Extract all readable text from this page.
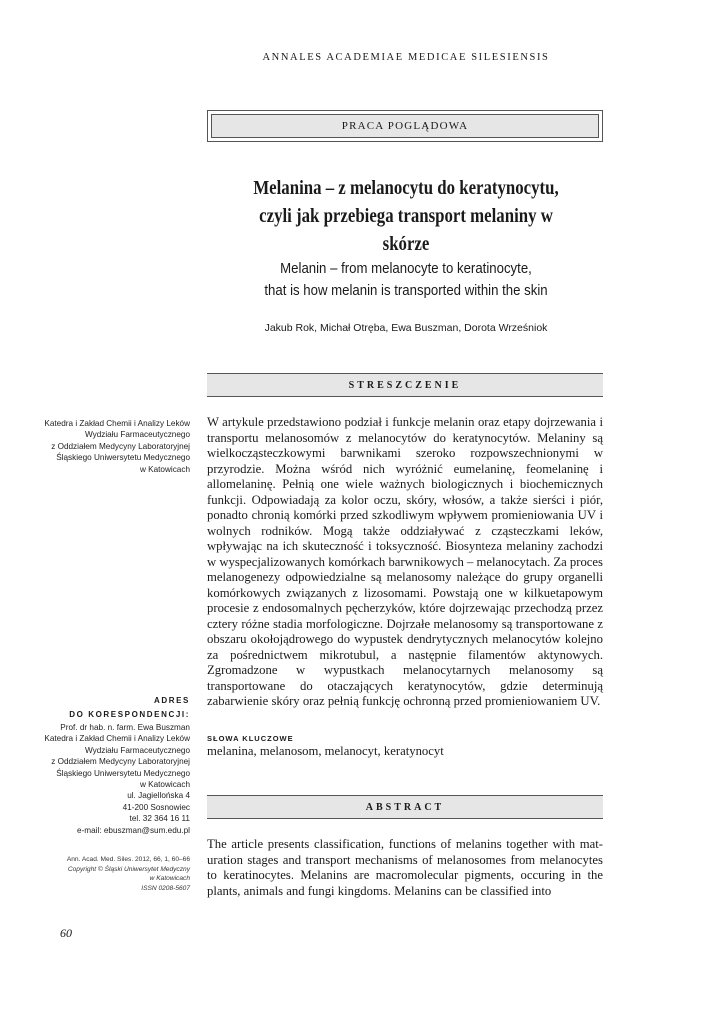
ANNALES ACADEMIAE MEDICAE SILESIENSIS
PRACA POGLĄDOWA
Melanina – z melanocytu do keratynocytu,
czyli jak przebiega transport melaniny w skórze
Melanin – from melanocyte to keratinocyte,
that is how melanin is transported within the skin
Jakub Rok, Michał Otręba, Ewa Buszman, Dorota Wrześniok
STRESZCZENIE
Katedra i Zakład Chemii i Analizy Leków
Wydziału Farmaceutycznego
z Oddziałem Medycyny Laboratoryjnej
Śląskiego Uniwersytetu Medycznego
w Katowicach
W artykule przedstawiono podział i funkcje melanin oraz etapy dojrzewania i transportu melanosomów z melanocytów do keratynocytów. Melaniny są wielkocząsteczkowymi barwnikami szeroko rozpowszechnionymi w przyrodzie. Można wśród nich wyróżnić eumelaninę, feomelaninę i allomelaninę. Pełnią one wiele ważnych biologicznych i biochemicznych funkcji. Odpowiadają za kolor oczu, skóry, włosów, a także sierści i piór, ponadto chronią komórki przed szkodliwym wpływem promieniowania UV i wolnych rodników. Mogą także oddziaływać z cząsteczkami leków, wpływając na ich skuteczność i toksyczność. Biosynteza melaniny zachodzi w wyspecjalizowanych komórkach barwnikowych – melanocytach. Za proces melanogenezy odpowiedzialne są melanosomy należące do grupy organelli komórkowych związanych z lizosomami. Powstają one w kilkuetapowym procesie z endosomalnych pęcherzyków, które dojrzewając przechodzą przez cztery różne stadia morfologiczne. Dojrzałe melanosomy są transportowane z obszaru okołojądrowego do wypustek dendrytycznych melanocytów kolejno za pośrednictwem mikrotubul, a następnie filamentów aktynowych. Zgromadzone w wypustkach melanocytarnych melanosomy są transportowane do otaczających keratynocytów, gdzie determinują zabarwienie skóry oraz pełnią funkcję ochronną przed promieniowaniem UV.
SŁOWA KLUCZOWE
melanina, melanosom, melanocyt, keratynocyt
ADRES
DO KORESPONDENCJI:
Prof. dr hab. n. farm. Ewa Buszman
Katedra i Zakład Chemii i Analizy Leków
Wydziału Farmaceutycznego
z Oddziałem Medycyny Laboratoryjnej
Śląskiego Uniwersytetu Medycznego
w Katowicach
ul. Jagiellońska 4
41-200 Sosnowiec
tel. 32 364 16 11
e-mail: ebuszman@sum.edu.pl
ABSTRACT
Ann. Acad. Med. Siles. 2012, 66, 1, 60–66
Copyright © Śląski Uniwersytet Medyczny
w Katowicach
ISSN 0208-5607
The article presents classification, functions of melanins together with maturation stages and transport mechanisms of melanosomes from melanocytes to keratinocytes. Melanins are macromolecular pigments, occuring in the plants, animals and fungi kingdoms. Melanins can be classified into
60
